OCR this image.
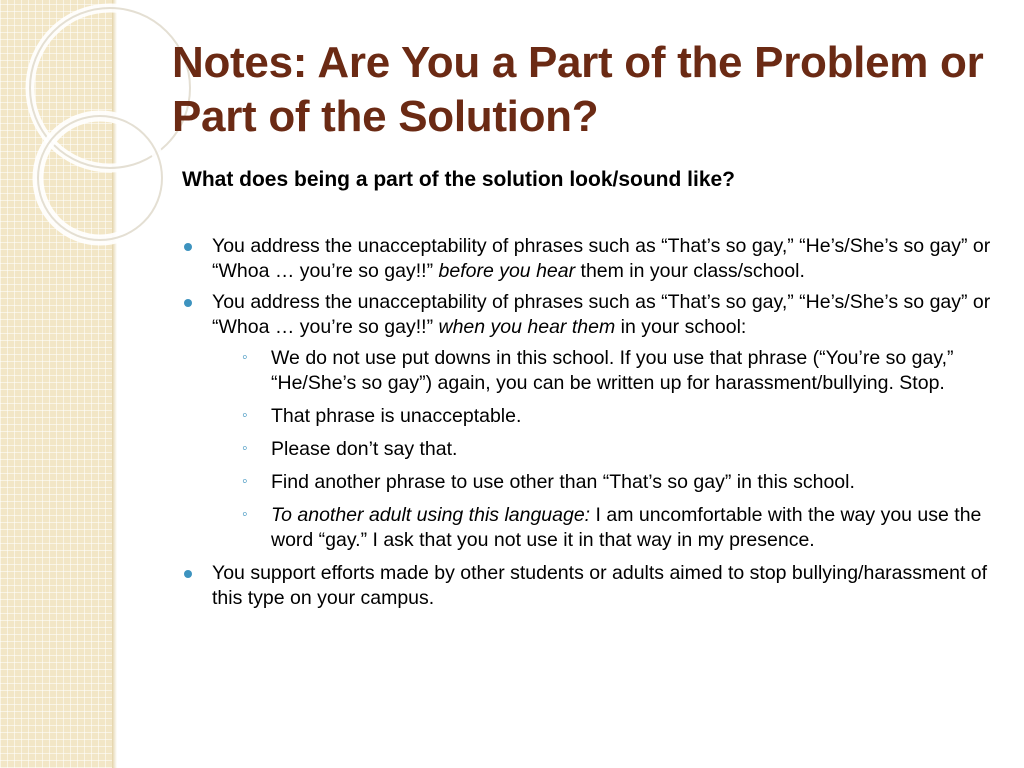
Notes: Are You a Part of the Problem or Part of the Solution?
What does being a part of the solution look/sound like?
You address the unacceptability of phrases such as “That’s so gay,” “He’s/She’s so gay” or “Whoa … you’re so gay!!” before you hear them in your class/school.
You address the unacceptability of phrases such as “That’s so gay,” “He’s/She’s so gay” or “Whoa … you’re so gay!!” when you hear them in your school:
◦ We do not use put downs in this school. If you use that phrase (“You’re so gay,” “He/She’s so gay”) again, you can be written up for harassment/bullying. Stop.
◦ That phrase is unacceptable.
◦ Please don’t say that.
◦ Find another phrase to use other than “That’s so gay” in this school.
◦ To another adult using this language: I am uncomfortable with the way you use the word “gay.” I ask that you not use it in that way in my presence.
You support efforts made by other students or adults aimed to stop bullying/harassment of this type on your campus.
